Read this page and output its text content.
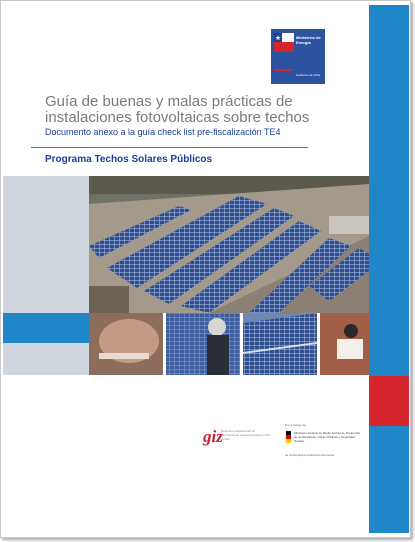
Ministerio de Energía
Gobierno de Chile
Guía de buenas y malas prácticas de instalaciones fotovoltaicas sobre techos
Documento anexo a la guía check list pre-fiscalización TE4
Programa Techos Solares Públicos
giz
Deutsche Gesellschaft für Internationale Zusammenarbeit (GIZ) GmbH
Por encargo de:
Ministerio Federal de Medio Ambiente, Protección de la Naturaleza, Obras Públicas y Seguridad Nuclear
de la República Federal de Alemania
